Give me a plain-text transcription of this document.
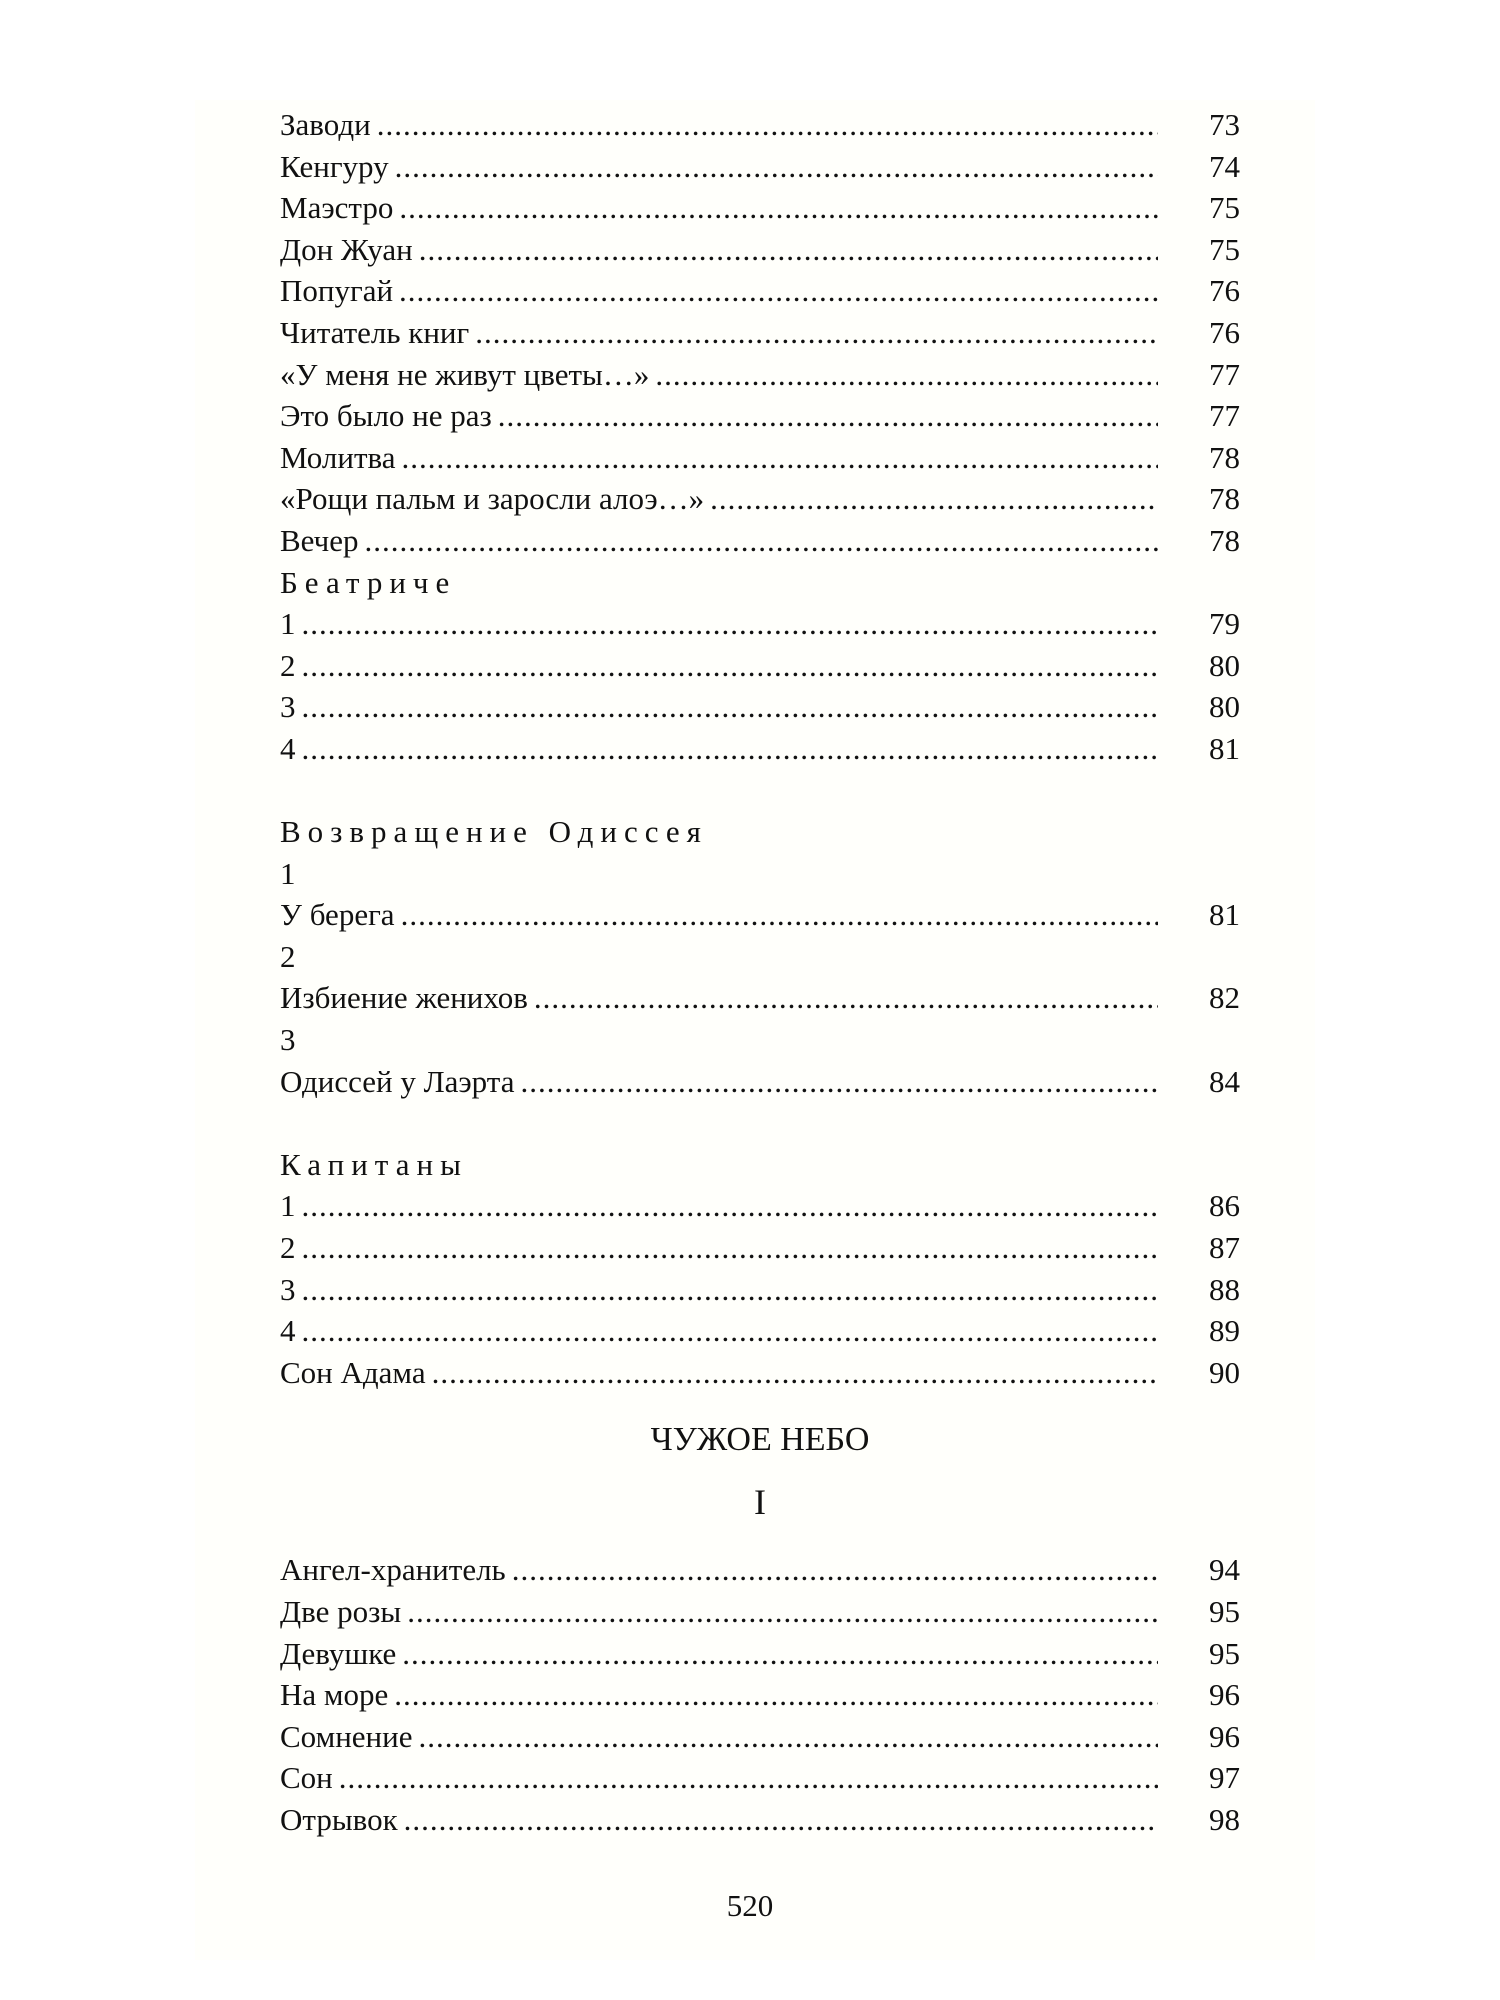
Заводи .....	73
Кенгуру .....	74
Маэстро .....	75
Дон Жуан .....	75
Попугай .....	76
Читатель книг .....	76
«У меня не живут цветы…» .....	77
Это было не раз .....	77
Молитва .....	78
«Рощи пальм и заросли алоэ…» .....	78
Вечер .....	78
Беатриче
1 .....	79
2 .....	80
3 .....	80
4 .....	81
Возвращение Одиссея
1
У берега .....	81
2
Избиение женихов .....	82
3
Одиссей у Лаэрта .....	84
Капитаны
1 .....	86
2 .....	87
3 .....	88
4 .....	89
Сон Адама .....	90
ЧУЖОЕ НЕБО
I
Ангел-хранитель .....	94
Две розы .....	95
Девушке .....	95
На море .....	96
Сомнение .....	96
Сон .....	97
Отрывок .....	98
520
